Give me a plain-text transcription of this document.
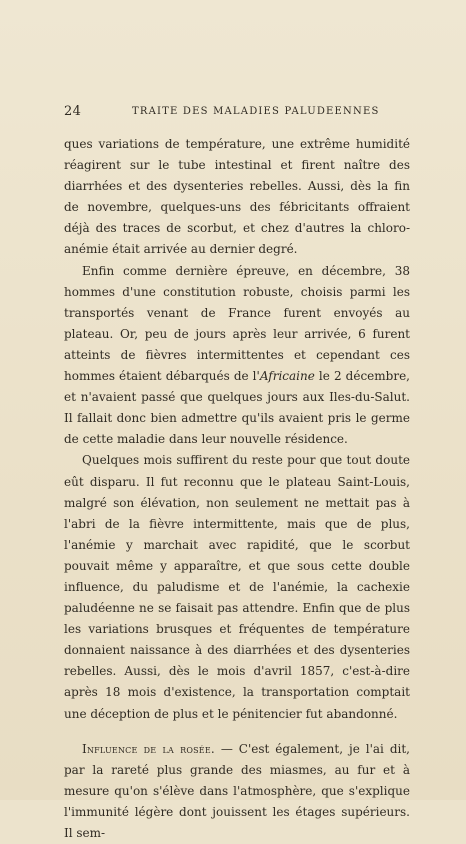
24	TRAITÉ DES MALADIES PALUDÉENNES

ques variations de température, une extrême humidité réagirent sur le tube intestinal et firent naître des diarrhées et des dysenteries rebelles. Aussi, dès la fin de novembre, quelques-uns des fébricitants offraient déjà des traces de scorbut, et chez d'autres la chloro-anémie était arrivée au dernier degré.

Enfin comme dernière épreuve, en décembre, 38 hommes d'une constitution robuste, choisis parmi les transportés venant de France furent envoyés au plateau. Or, peu de jours après leur arrivée, 6 furent atteints de fièvres intermittentes et cependant ces hommes étaient débarqués de l'Africaine le 2 décembre, et n'avaient passé que quelques jours aux Iles-du-Salut. Il fallait donc bien admettre qu'ils avaient pris le germe de cette maladie dans leur nouvelle résidence.

Quelques mois suffirent du reste pour que tout doute eût disparu. Il fut reconnu que le plateau Saint-Louis, malgré son élévation, non seulement ne mettait pas à l'abri de la fièvre intermittente, mais que de plus, l'anémie y marchait avec rapidité, que le scorbut pouvait même y apparaître, et que sous cette double influence, du paludisme et de l'anémie, la cachexie paludéenne ne se faisait pas attendre. Enfin que de plus les variations brusques et fréquentes de température donnaient naissance à des diarrhées et des dysenteries rebelles. Aussi, dès le mois d'avril 1857, c'est-à-dire après 18 mois d'existence, la transportation comptait une déception de plus et le pénitencier fut abandonné.

Influence de la rosée. — C'est également, je l'ai dit, par la rareté plus grande des miasmes, au fur et à mesure qu'on s'élève dans l'atmosphère, que s'explique l'immunité légère dont jouissent les étages supérieurs. Il sem-
